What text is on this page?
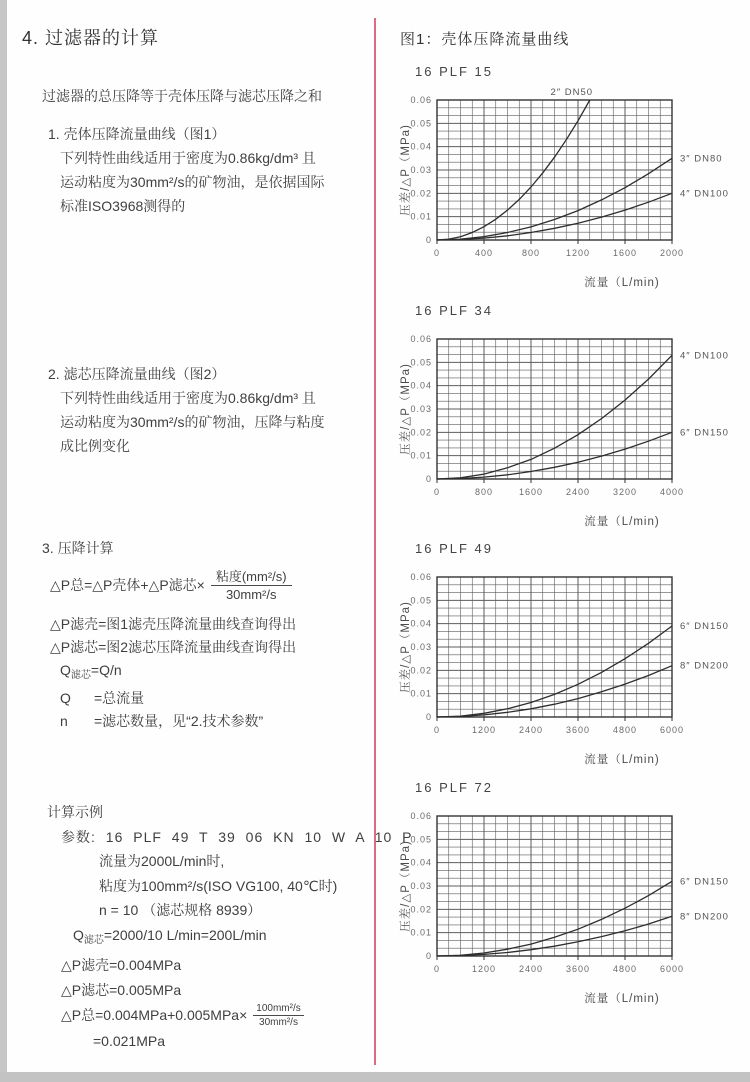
4. 过滤器的计算
过滤器的总压降等于壳体压降与滤芯压降之和
1. 壳体压降流量曲线（图1）
下列特性曲线适用于密度为0.86kg/dm³ 且
运动粘度为30mm²/s的矿物油，是依据国际
标准ISO3968测得的
2. 滤芯压降流量曲线（图2）
下列特性曲线适用于密度为0.86kg/dm³ 且
运动粘度为30mm²/s的矿物油，压降与粘度
成比例变化
3. 压降计算
△P总=△P壳体+△P滤芯× $\frac{\text{粘度(mm²/s)}}{\text{30mm²/s}}$
△P滤壳=图1滤壳压降流量曲线查询得出
△P滤芯=图2滤芯压降流量曲线查询得出
$Q_{滤芯}=Q/n$
Q	=总流量
n	=滤芯数量，见“2.技术参数”
计算示例
参数: 16 PLF 49 T 39 06 KN 10 W A 10 P
流量为2000L/min时,
粘度为100mm²/s(ISO VG100, 40℃时)
n = 10 （滤芯规格 8939）
$Q_{滤芯}=2000/10$ L/min=200L/min
△P滤壳=0.004MPa
△P滤芯=0.005MPa
△P总$=0.004MPa+0.005MPa\times \frac{\text{100mm²/s}}{\text{30mm²/s}}$
=0.021MPa
图1：壳体压降流量曲线
16 PLF 15
0	400	800	1200	1600	2000
0
0.01
0.02
0.03
0.04
0.05
0.06
2″ DN50
3″ DN80
4″ DN100
压差/△P（MPa)
流量（L/min)
16 PLF 34
0	800	1600	2400	3200	4000
0
0.01
0.02
0.03
0.04
0.05
0.06
4″ DN100
6″ DN150
压差/△P（MPa)
流量（L/min)
16 PLF 49
0	1200	2400	3600	4800	6000
0
0.01
0.02
0.03
0.04
0.05
0.06
6″ DN150
8″ DN200
压差/△P（MPa)
流量（L/min)
16 PLF 72
0	1200	2400	3600	4800	6000
0
0.01
0.02
0.03
0.04
0.05
0.06
6″ DN150
8″ DN200
压差/△P（MPa)
流量（L/min)
